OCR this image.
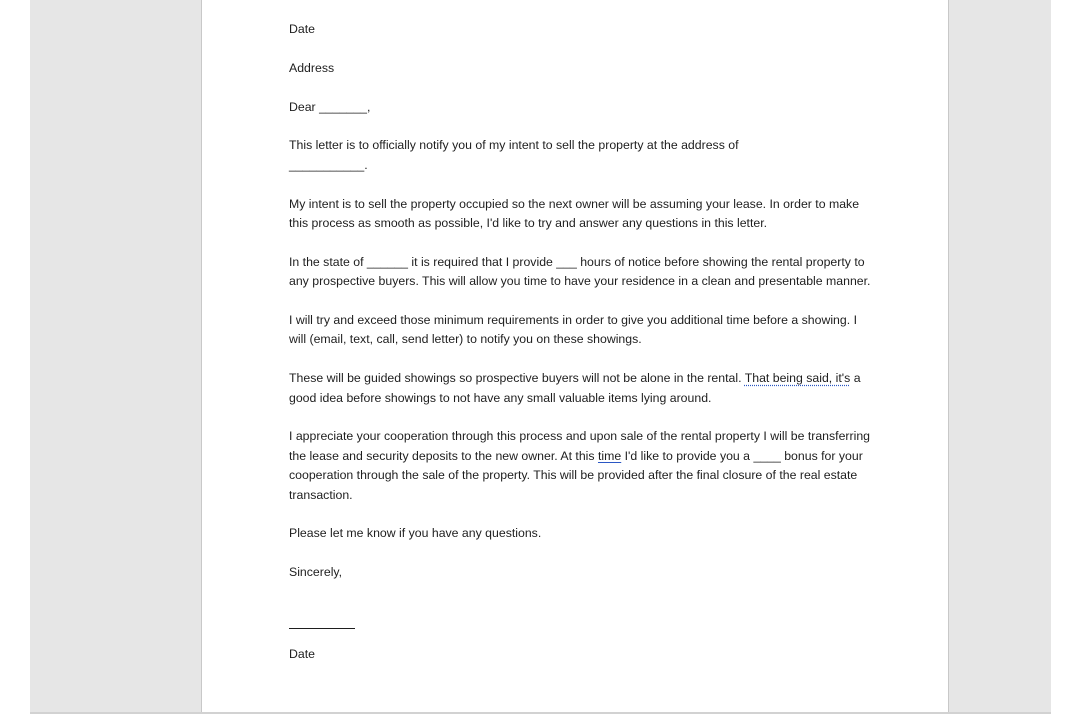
Date

Address

Dear _______,

This letter is to officially notify you of my intent to sell the property at the address of
___________.

My intent is to sell the property occupied so the next owner will be assuming your lease. In order to make this process as smooth as possible, I'd like to try and answer any questions in this letter.

In the state of ______ it is required that I provide ___ hours of notice before showing the rental property to any prospective buyers. This will allow you time to have your residence in a clean and presentable manner.

I will try and exceed those minimum requirements in order to give you additional time before a showing. I will (email, text, call, send letter) to notify you on these showings.

These will be guided showings so prospective buyers will not be alone in the rental. That being said, it's a good idea before showings to not have any small valuable items lying around.

I appreciate your cooperation through this process and upon sale of the rental property I will be transferring the lease and security deposits to the new owner. At this time I'd like to provide you a ____ bonus for your cooperation through the sale of the property. This will be provided after the final closure of the real estate transaction.

Please let me know if you have any questions.

Sincerely,

Date
